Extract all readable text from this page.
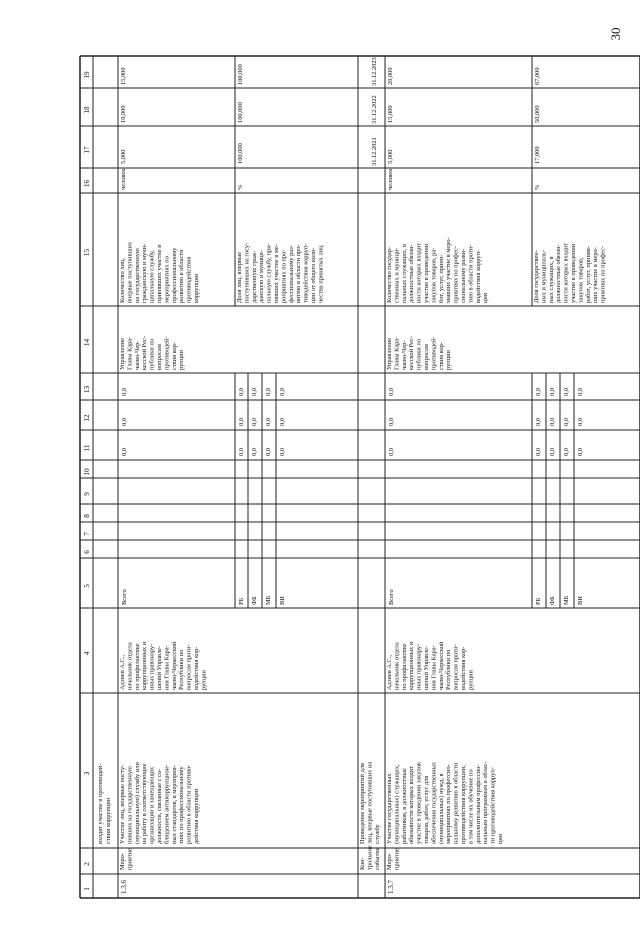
30
1
2
3
4
5
6
7
8
9
10
11
12
13
14
15
16
17
18
19
входят участие в противодей- ствии коррупции
1.3.6
Меро- приятие
Участие лиц, впервые посту- пивших на государственную (муниципальную) службу или на работу в соответствующие организации и замещающих должности, связанные с со- блюдением антикоррупцион- ных стандартов, в мероприя- тиях по профессиональному развитию в области противо- действия коррупции
Адзиев А.С., начальник отдела по профилактике коррупционных и иных правонару- шений Управле- ния Главы Кара- чаево-Черкесской Республики по вопросам проти- водействия кор- рупции
Всего
0,0
0,0
0,0
РБ
0,0
0,0
0,0
ФБ
0,0
0,0
0,0
МБ
0,0
0,0
0,0
ВИ
0,0
0,0
0,0
Управление Главы Кара- чаево-Чер- кесской Рес- публики по вопросам противодей- ствия кор- рупции
Количество лиц, впервые поступивших на государственную гражданскую и муни- ципальную службу, принявших участие в мероприятиях по профессиональному развитию в области противодействия коррупции
человек
5,000
10,000
15,000
Доля лиц, впервые поступивших на госу- дарственную граж- данскую и муници- пальную службу, при- нявших участие в ме- роприятиях по про- фессиональному раз- витию в области про- тиводействия корруп- ции от общего коли- чества принятых лиц
%
100,000
100,000
100,000
1.3.7
Меро- приятие
Участие государственных (муниципальных) служащих, работников, в должностные обязанности которых входит участие в проведении закупок товаров, работ, услуг для обеспечения государственных (муниципальных) нужд, в мероприятиях по профессио- нальному развитию в области противодействия коррупции, в том числе их обучение по дополнительным профессио- нальным программам в облас- ти противодействия корруп- ции
Адзиев А.С., начальник отдела по профилактике коррупционных и иных правонару- шений Управле- ния Главы Кара- чаево-Черкесской Республики по вопросам проти- водействия кор- рупции
Всего
0,0
0,0
0,0
РБ
0,0
0,0
0,0
ФБ
0,0
0,0
0,0
МБ
0,0
0,0
0,0
ВИ
0,0
0,0
0,0
Управление Главы Кара- чаево-Чер- кесской Рес- публики по вопросам противодей- ствия кор- рупции
Количество государ- ственных и муници- пальных служащих, в должностные обязан- ности которых входит участие в проведении закупок товаров, ра- бот, услуг, прини- мавших участие в меро- приятиях по профес- сиональному разви- тию в области проти- водействия корруп- ции
человек
5,000
15,000
20,000
Доля государствен- ных и муниципаль- ных служащих, в должностные обязан- ности которых входит участие в проведении закупок товаров, работ, услуг, приняв- ших участие в меро- приятиях по профес-
%
17,000
50,000
67,000
Кон- трольное событие
Проведение мероприятий для лиц, впервые поступивших на службу
31.12.2021
31.12.2022
31.12.2023
